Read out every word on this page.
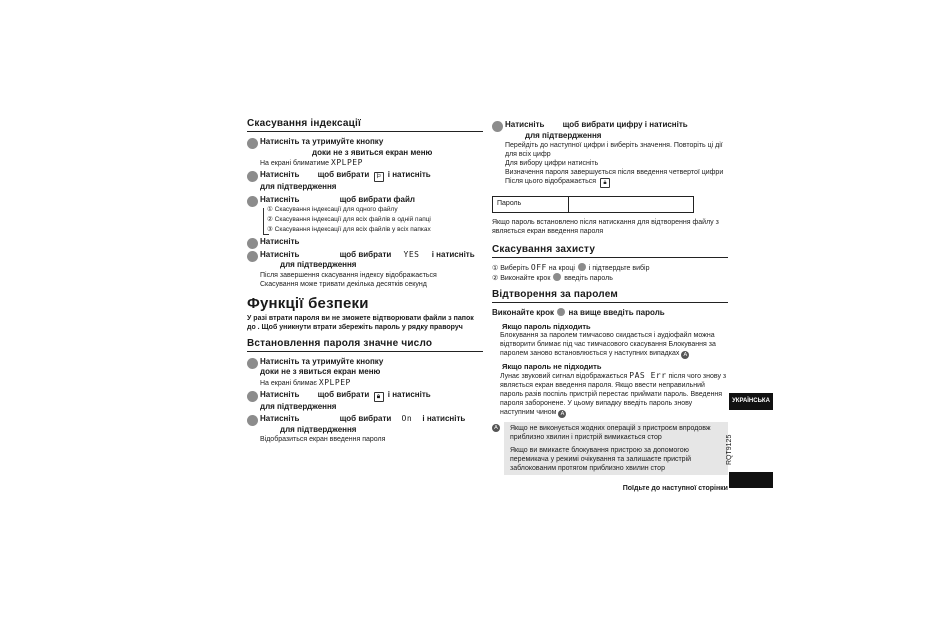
Скасування індексації
Натисніть та утримуйте кнопку
доки не з явиться екран меню
На екрані блиматиме XPLPEP
Натисніть щоб вибрати ⚐ і натисніть
для підтвердження
Натисніть	щоб вибрати файл
① Скасування індексації для одного файлу
② Скасування індексації для всіх файлів в одній папці
③ Скасування індексації для всіх файлів у всіх папках
Натисніть
Натисніть	щоб вибрати YES і натисніть
для підтвердження
Після завершення скасування індексу відображається
Скасування може тривати декілька десятків секунд
Функції безпеки
У разі втрати пароля ви не зможете відтворювати файли з папок до . Щоб уникнути втрати збережіть пароль у рядку праворуч
Встановлення пароля значне число
Натисніть та утримуйте кнопку
доки не з явиться екран меню
На екрані блимає XPLPEP
Натисніть щоб вибрати 🔒︎ і натисніть
для підтвердження
Натисніть	щоб вибрати On і натисніть
для підтвердження
Відобразиться екран введення пароля
Натисніть щоб вибрати цифру і натисніть
для підтвердження
Перейдіть до наступної цифри і виберіть значення. Повторіть ці дії для всіх цифр
Для вибору цифри натисніть
Визначення пароля завершується після введення четвертої цифри
Після цього відображається 🔒︎
Пароль
Якщо пароль встановлено після натискання для відтворення файлу з являється екран введення пароля
Скасування захисту
① Виберіть OFF на кроці і підтвердьте вибір
② Виконайте крок введіть пароль
Відтворення за паролем
Виконайте крок на вище введіть пароль
Якщо пароль підходить
Блокування за паролем тимчасово скидається і аудіофайл можна відтворити блимає під час тимчасового скасування Блокування за паролем заново встановлюється у наступних випадках A
Якщо пароль не підходить
Лунає звуковий сигнал відображається PAS Err після чого знову з являється екран введення пароля. Якщо ввести неправильний пароль разів поспіль пристрій перестає приймати пароль. Введення пароля заборонене. У цьому випадку введіть пароль знову наступним чином A
A	Якщо не виконується жодних операцій з пристроєм впродовж приблизно хвилин і пристрій вимикається стор
Якщо ви вмикаєте блокування пристрою за допомогою перемикача у режимі очікування та залишаєте пристрій заблокованим протягом приблизно хвилин стор
Поїдьте до наступної сторінки
УКРАЇНСЬКА
RQT9125
